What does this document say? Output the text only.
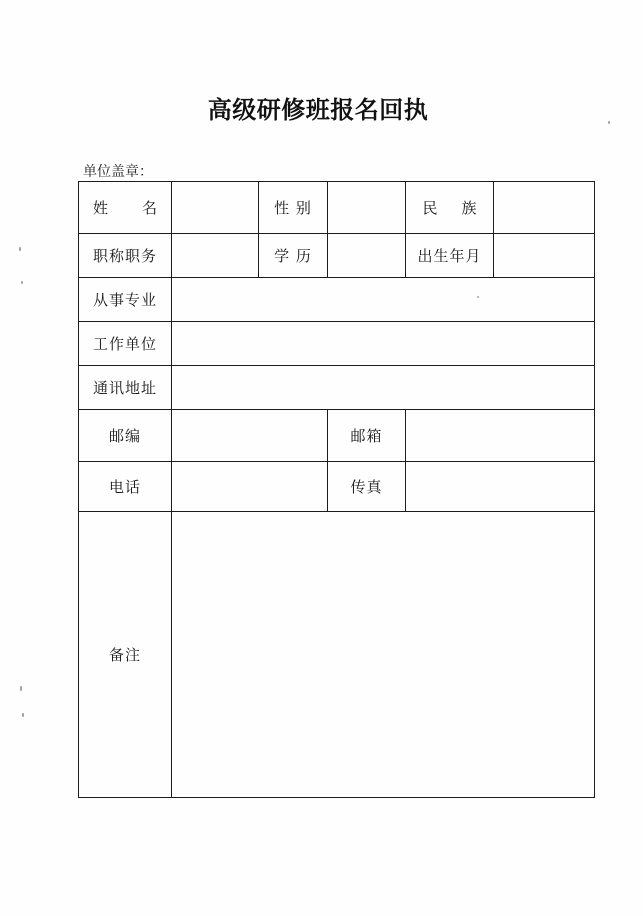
高级研修班报名回执
单位盖章：
姓 名		性 别		民 族	
职称职务		学 历		出生年月	
从事专业					
工作单位					
通讯地址					
邮编			邮箱		
电话			传真		
备注					
